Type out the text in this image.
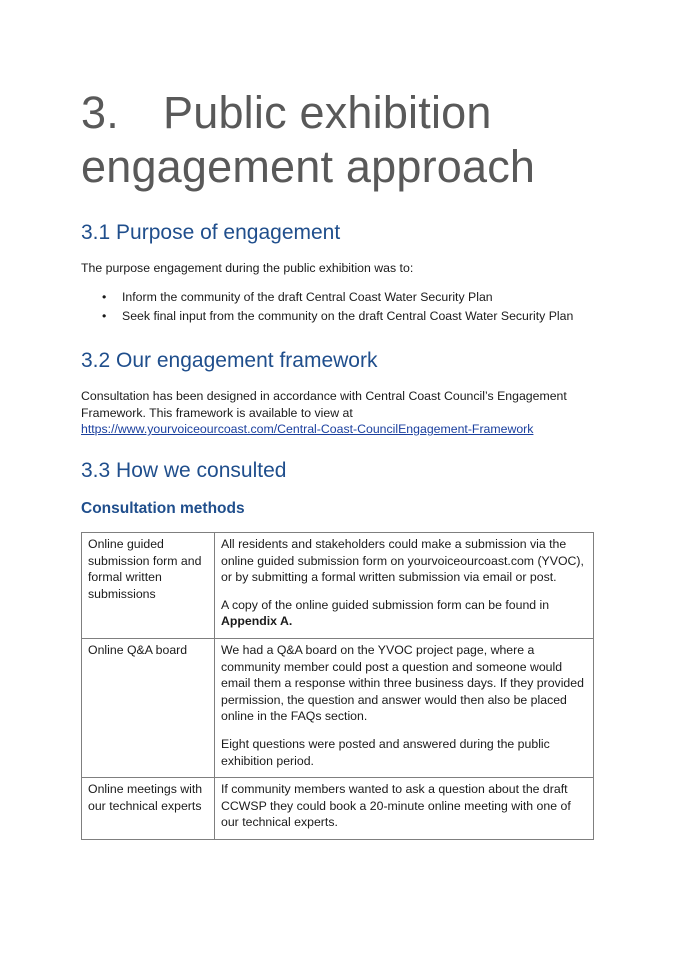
3. Public exhibition
engagement approach
3.1 Purpose of engagement

The purpose engagement during the public exhibition was to:

• Inform the community of the draft Central Coast Water Security Plan
• Seek final input from the community on the draft Central Coast Water Security Plan
3.2 Our engagement framework

Consultation has been designed in accordance with Central Coast Council’s Engagement
Framework. This framework is available to view at
https://www.yourvoiceourcoast.com/Central-Coast-CouncilEngagement-Framework

3.3 How we consulted
Consultation methods
Online guided submission form and formal written submissions	All residents and stakeholders could make a submission via the online guided submission form on yourvoiceourcoast.com (YVOC), or by submitting a formal written submission via email or post.

A copy of the online guided submission form can be found in Appendix A.

Online Q&A board	We had a Q&A board on the YVOC project page, where a community member could post a question and someone would email them a response within three business days. If they provided permission, the question and answer would then also be placed online in the FAQs section.

Eight questions were posted and answered during the public exhibition period.

Online meetings with our technical experts	If community members wanted to ask a question about the draft CCWSP they could book a 20-minute online meeting with one of our technical experts.
